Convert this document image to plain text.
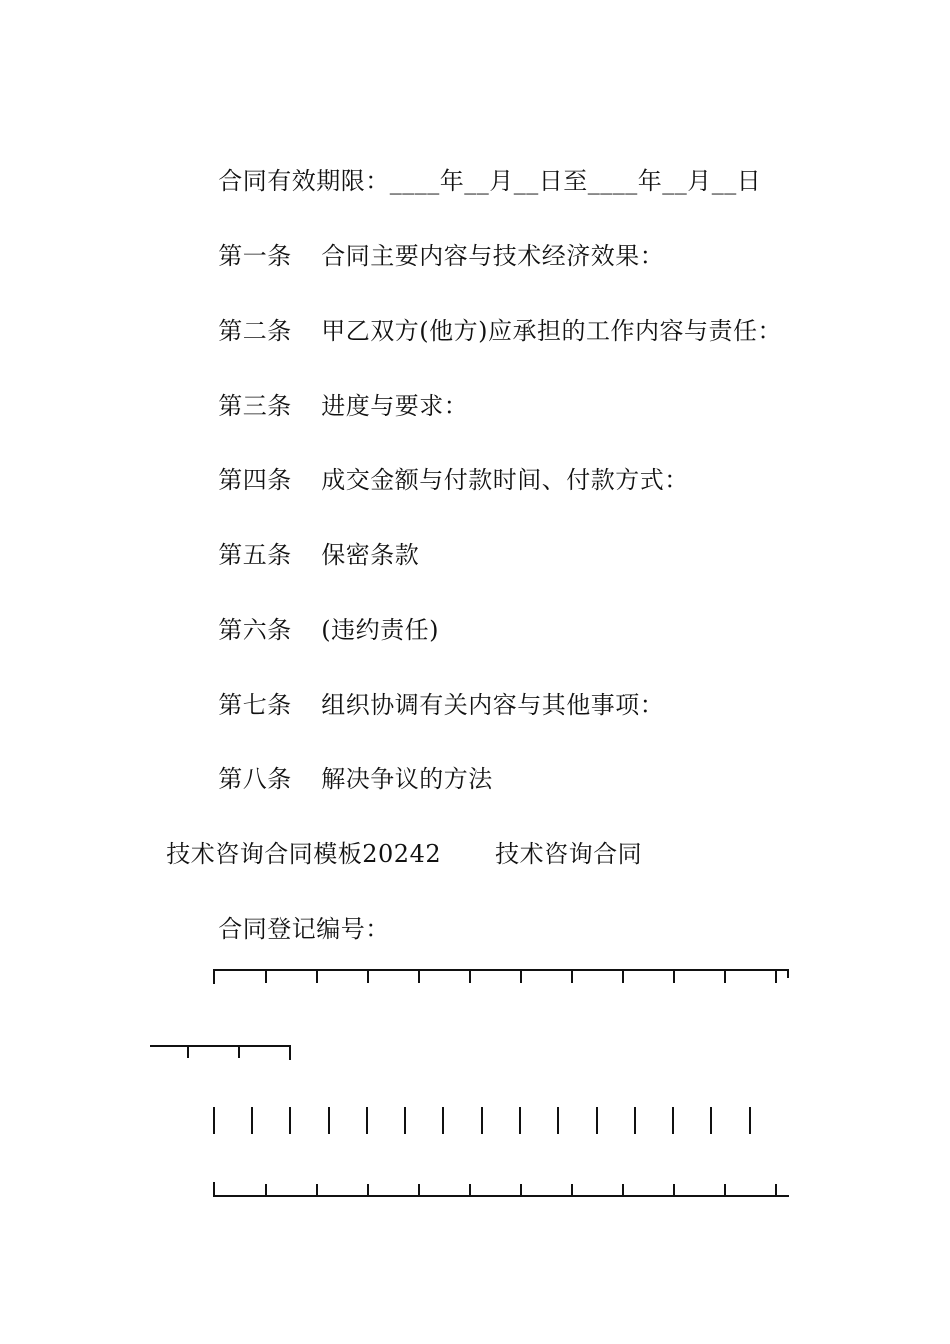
合同有效期限：____年__月__日至____年__月__日

第一条 合同主要内容与技术经济效果：

第二条 甲乙双方(他方)应承担的工作内容与责任：

第三条 进度与要求：

第四条 成交金额与付款时间、付款方式：

第五条 保密条款

第六条 (违约责任)

第七条 组织协调有关内容与其他事项：

第八条 解决争议的方法

技术咨询合同模板20242 技术咨询合同

合同登记编号：
